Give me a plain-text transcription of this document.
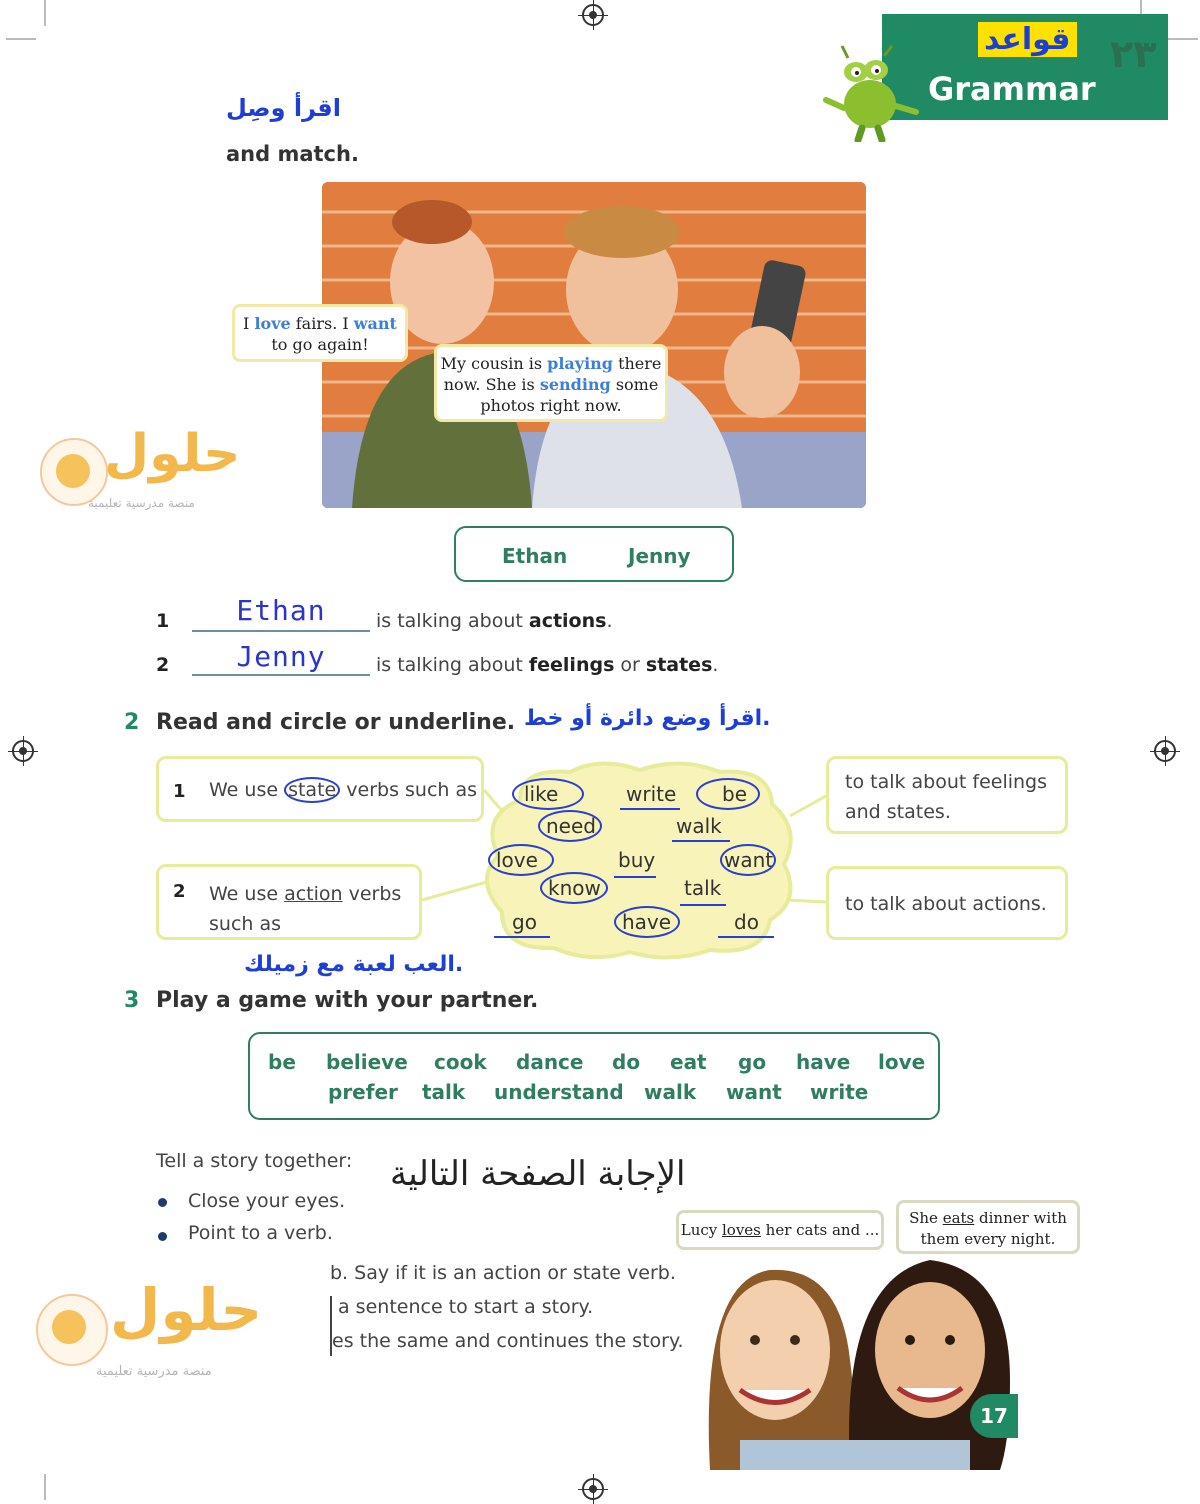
٢٣
قواعد
Grammar
اقرأ وصِل
and match.
I love fairs. I want
to go again!
My cousin is playing there
now. She is sending some
photos right now.
Ethan	Jenny
1	Ethan	is talking about actions.
2	Jenny	is talking about feelings or states.
2 Read and circle or underline. اقرأ وضع دائرة أو خط.
1 We use state verbs such as
2 We use action verbs
such as
to talk about feelings
and states.
to talk about actions.
like	write be
need	walk
love	buy	want
know	talk
go	have	do
العب لعبة مع زميلك.
3 Play a game with your partner.
be believe cook dance do eat go have love
prefer talk understand walk want write
Tell a story together:
Close your eyes.
Point to a verb.
الإجابة الصفحة التالية
b. Say if it is an action or state verb.
a sentence to start a story.
es the same and continues the story.
Lucy loves her cats and ...
She eats dinner with
them every night.
17
حلول
منصة مدرسية تعليمية
حلول
منصة مدرسية تعليمية
